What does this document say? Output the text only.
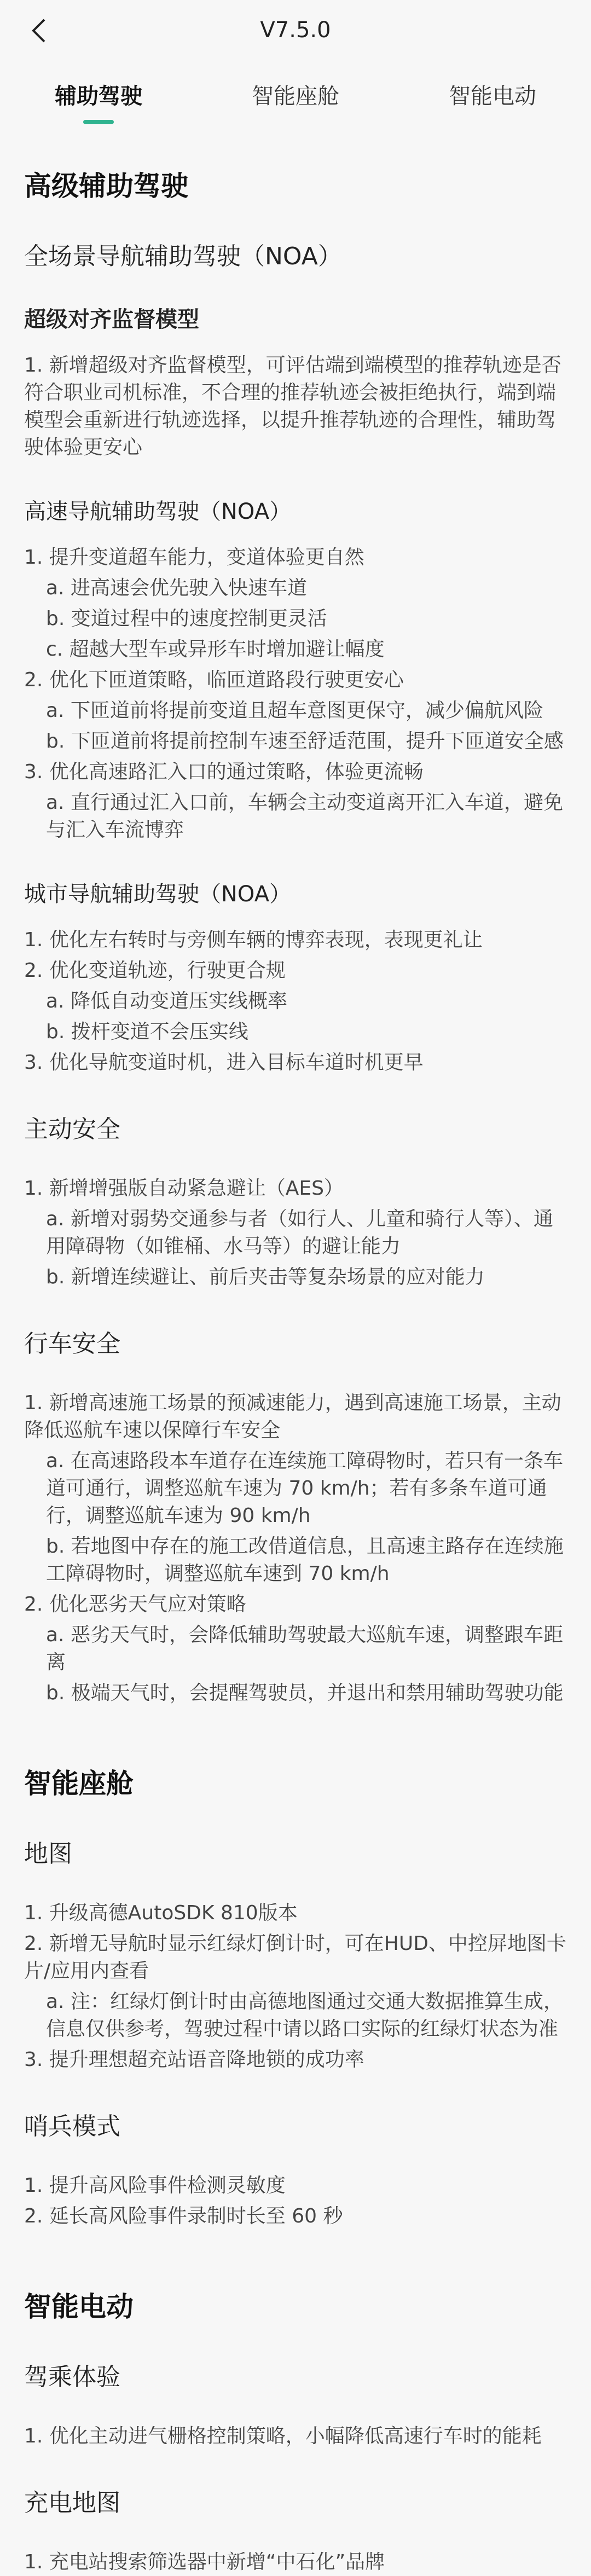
V7.5.0
辅助驾驶	智能座舱	智能电动
高级辅助驾驶
全场景导航辅助驾驶（NOA）
超级对齐监督模型

1. 新增超级对齐监督模型，可评估端到端模型的推荐轨迹是否符合职业司机标准，不合理的推荐轨迹会被拒绝执行，端到端模型会重新进行轨迹选择，以提升推荐轨迹的合理性，辅助驾驶体验更安心

高速导航辅助驾驶（NOA）
1. 提升变道超车能力，变道体验更自然
a. 进高速会优先驶入快速车道
b. 变道过程中的速度控制更灵活
c. 超越大型车或异形车时增加避让幅度
2. 优化下匝道策略，临匝道路段行驶更安心
a. 下匝道前将提前变道且超车意图更保守，减少偏航风险
b. 下匝道前将提前控制车速至舒适范围，提升下匝道安全感
3. 优化高速路汇入口的通过策略，体验更流畅
a. 直行通过汇入口前，车辆会主动变道离开汇入车道，避免与汇入车流博弈
城市导航辅助驾驶（NOA）
1. 优化左右转时与旁侧车辆的博弈表现，表现更礼让
2. 优化变道轨迹，行驶更合规
a. 降低自动变道压实线概率
b. 拨杆变道不会压实线
3. 优化导航变道时机，进入目标车道时机更早
主动安全
1. 新增增强版自动紧急避让（AES）
a. 新增对弱势交通参与者（如行人、儿童和骑行人等）、通用障碍物（如锥桶、水马等）的避让能力
b. 新增连续避让、前后夹击等复杂场景的应对能力
行车安全
1. 新增高速施工场景的预减速能力，遇到高速施工场景，主动降低巡航车速以保障行车安全
a. 在高速路段本车道存在连续施工障碍物时，若只有一条车道可通行，调整巡航车速为 70 km/h；若有多条车道可通行，调整巡航车速为 90 km/h
b. 若地图中存在的施工改借道信息，且高速主路存在连续施工障碍物时，调整巡航车速到 70 km/h
2. 优化恶劣天气应对策略
a. 恶劣天气时，会降低辅助驾驶最大巡航车速，调整跟车距离
b. 极端天气时，会提醒驾驶员，并退出和禁用辅助驾驶功能
智能座舱
地图
1. 升级高德AutoSDK 810版本
2. 新增无导航时显示红绿灯倒计时，可在HUD、中控屏地图卡片/应用内查看
a. 注：红绿灯倒计时由高德地图通过交通大数据推算生成，信息仅供参考，驾驶过程中请以路口实际的红绿灯状态为准
3. 提升理想超充站语音降地锁的成功率
哨兵模式
1. 提升高风险事件检测灵敏度
2. 延长高风险事件录制时长至 60 秒
智能电动
驾乘体验
1. 优化主动进气栅格控制策略，小幅降低高速行车时的能耗
充电地图
1. 充电站搜索筛选器中新增“中石化”品牌
